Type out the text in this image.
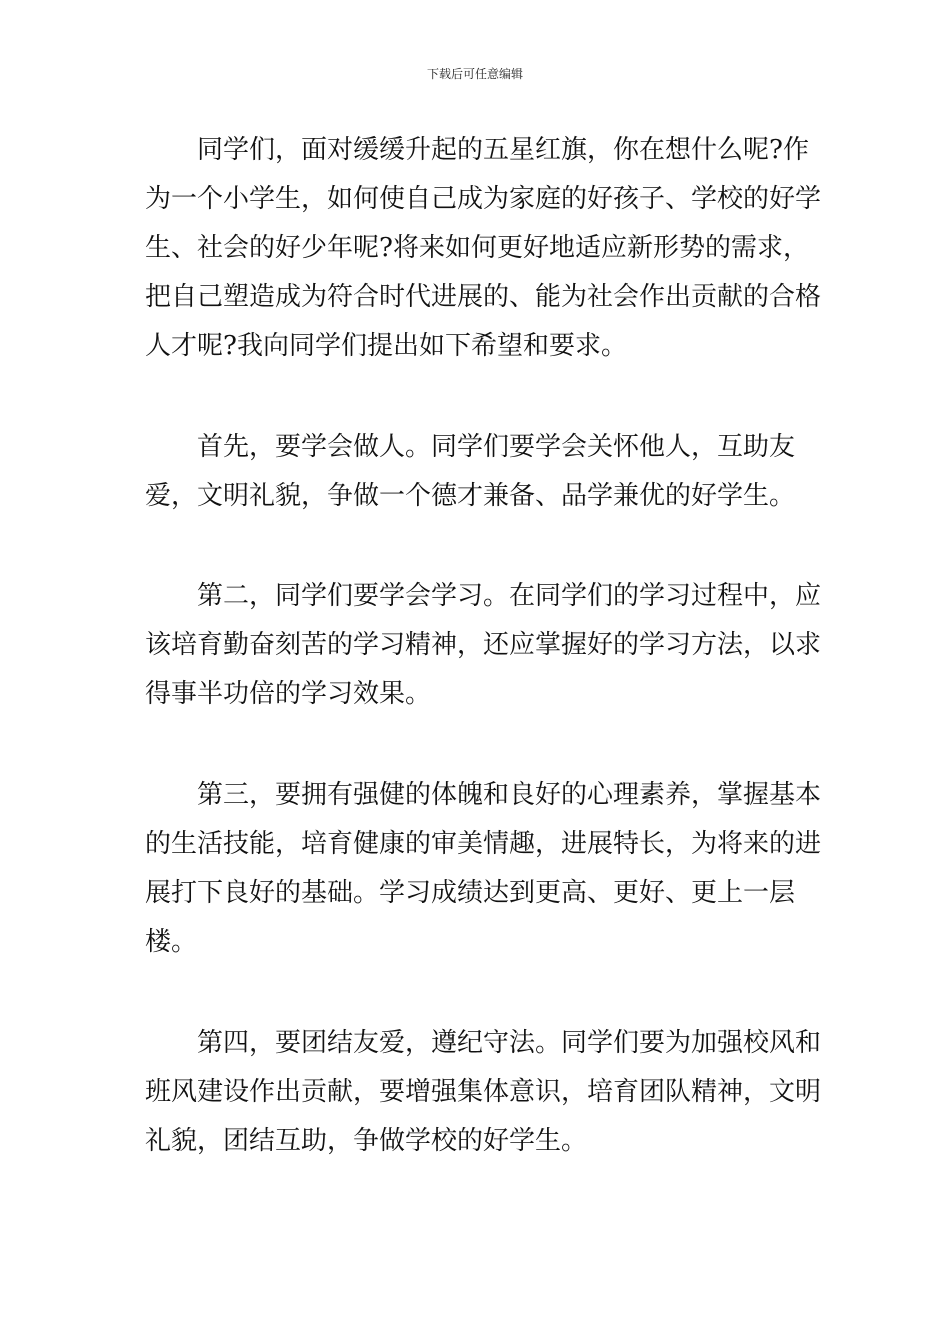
下载后可任意编辑

同学们，面对缓缓升起的五星红旗，你在想什么呢?作为一个小学生，如何使自己成为家庭的好孩子、学校的好学生、社会的好少年呢?将来如何更好地适应新形势的需求，把自己塑造成为符合时代进展的、能为社会作出贡献的合格人才呢?我向同学们提出如下希望和要求。

首先，要学会做人。同学们要学会关怀他人，互助友爱，文明礼貌，争做一个德才兼备、品学兼优的好学生。

第二，同学们要学会学习。在同学们的学习过程中，应该培育勤奋刻苦的学习精神，还应掌握好的学习方法，以求得事半功倍的学习效果。

第三，要拥有强健的体魄和良好的心理素养，掌握基本的生活技能，培育健康的审美情趣，进展特长，为将来的进展打下良好的基础。学习成绩达到更高、更好、更上一层楼。

第四，要团结友爱，遵纪守法。同学们要为加强校风和班风建设作出贡献，要增强集体意识，培育团队精神，文明礼貌，团结互助，争做学校的好学生。
